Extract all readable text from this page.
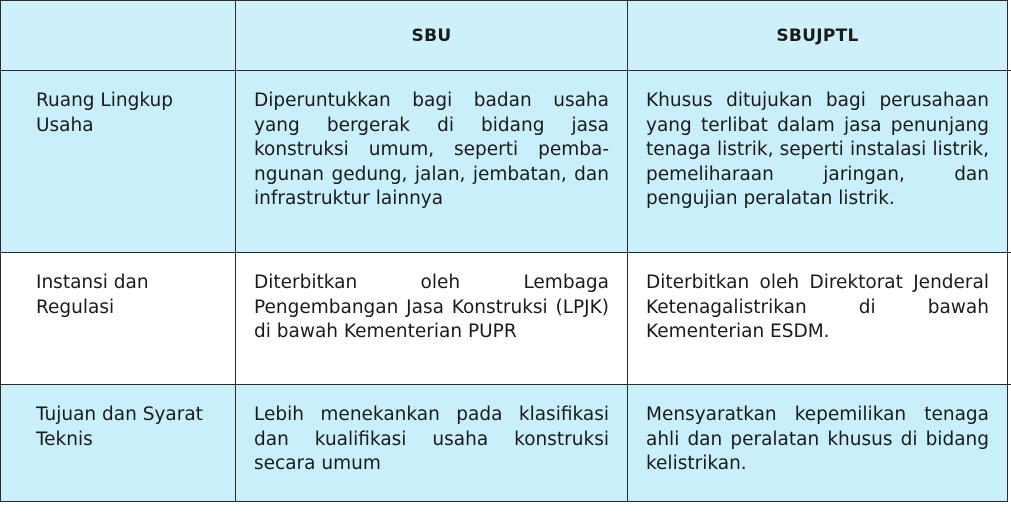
SBU	SBUJPTL
Ruang Lingkup Usaha
Diperuntukkan bagi badan usaha yang bergerak di bidang jasa konstruksi umum, seperti pembangunan gedung, jalan, jembatan, dan infrastruktur lainnya
Khusus ditujukan bagi perusahaan yang terlibat dalam jasa penunjang tenaga listrik, seperti instalasi listrik, pemeliharaan jaringan, dan pengujian peralatan listrik.
Instansi dan Regulasi
Diterbitkan oleh Lembaga Pengembangan Jasa Konstruksi (LPJK) di bawah Kementerian PUPR
Diterbitkan oleh Direktorat Jenderal Ketenagalistrikan di bawah Kementerian ESDM.
Tujuan dan Syarat Teknis
Lebih menekankan pada klasifikasi dan kualifikasi usaha konstruksi secara umum
Mensyaratkan kepemilikan tenaga ahli dan peralatan khusus di bidang kelistrikan.
